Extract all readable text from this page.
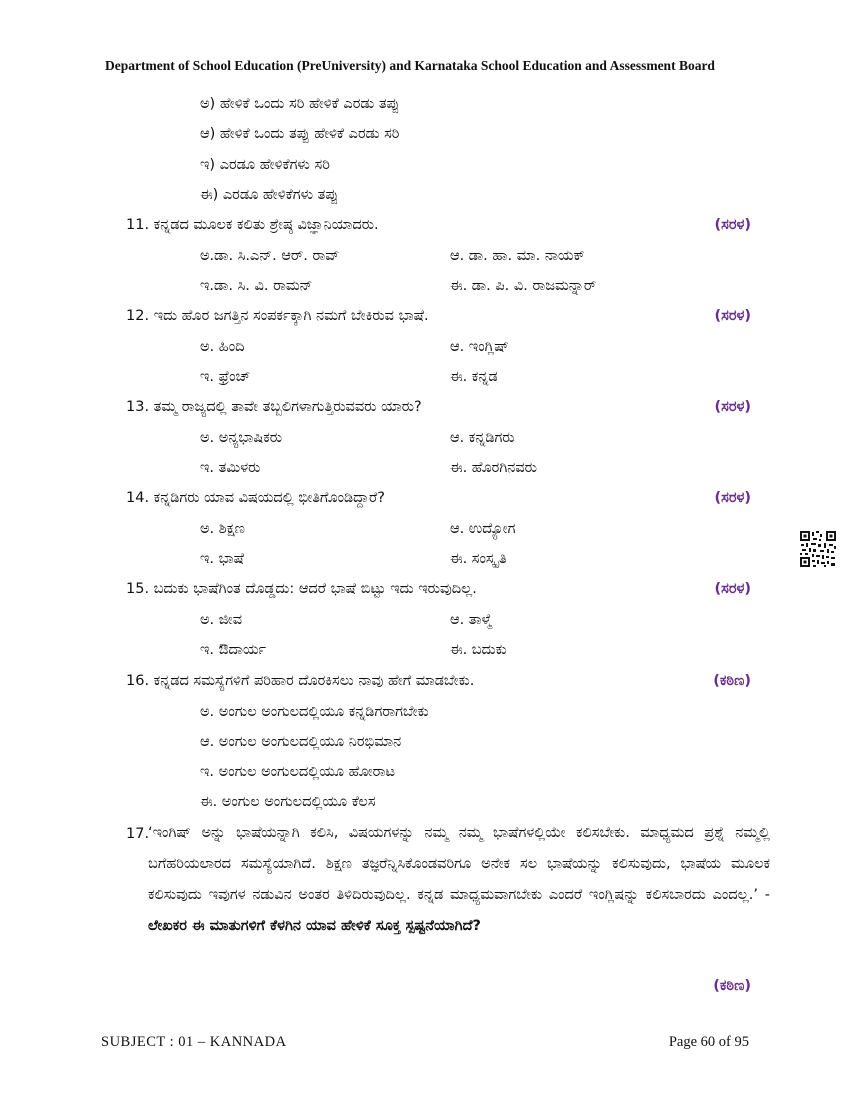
Department of School Education (PreUniversity) and Karnataka School Education and Assessment Board
ಅ) ಹೇಳಿಕೆ ಒಂದು ಸರಿ ಹೇಳಿಕೆ ಎರಡು ತಪ್ಪು
ಆ) ಹೇಳಿಕೆ ಒಂದು ತಪ್ಪು ಹೇಳಿಕೆ ಎರಡು ಸರಿ
ಇ) ಎರಡೂ ಹೇಳಿಕೆಗಳು ಸರಿ
ಈ) ಎರಡೂ ಹೇಳಿಕೆಗಳು ತಪ್ಪು
11. ಕನ್ನಡದ ಮೂಲಕ ಕಲಿತು ಶ್ರೇಷ್ಠ ವಿಜ್ಞಾನಿಯಾದರು.	(ಸರಳ)
ಅ.ಡಾ. ಸಿ.ಎನ್. ಆರ್. ರಾವ್	ಆ. ಡಾ. ಹಾ. ಮಾ. ನಾಯಕ್
ಇ.ಡಾ. ಸಿ. ವಿ. ರಾಮನ್	ಈ. ಡಾ. ಪಿ. ವಿ. ರಾಜಮನ್ನಾರ್
12. ಇದು ಹೊರ ಜಗತ್ತಿನ ಸಂಪರ್ಕಕ್ಕಾಗಿ ನಮಗೆ ಬೇಕಿರುವ ಭಾಷೆ.	(ಸರಳ)
ಅ. ಹಿಂದಿ	ಆ. ಇಂಗ್ಲಿಷ್
ಇ. ಫ್ರೆಂಚ್	ಈ. ಕನ್ನಡ
13. ತಮ್ಮ ರಾಜ್ಯದಲ್ಲಿ ತಾವೇ ತಬ್ಬಲಿಗಳಾಗುತ್ತಿರುವವರು ಯಾರು?	(ಸರಳ)
ಅ. ಅನ್ಯಭಾಷಿಕರು	ಆ. ಕನ್ನಡಿಗರು
ಇ. ತಮಿಳರು	ಈ. ಹೊರಗಿನವರು
14. ಕನ್ನಡಿಗರು ಯಾವ ವಿಷಯದಲ್ಲಿ ಭೀತಿಗೊಂಡಿದ್ದಾರೆ?	(ಸರಳ)
ಅ. ಶಿಕ್ಷಣ	ಆ. ಉದ್ಯೋಗ
ಇ. ಭಾಷೆ	ಈ. ಸಂಸ್ಕೃತಿ
15. ಬದುಕು ಭಾಷೆಗಿಂತ ದೊಡ್ಡದು: ಆದರೆ ಭಾಷೆ ಬಿಟ್ಟು ಇದು ಇರುವುದಿಲ್ಲ.	(ಸರಳ)
ಅ. ಜೀವ	ಆ. ತಾಳ್ಮೆ
ಇ. ಔದಾರ್ಯ	ಈ. ಬದುಕು
16. ಕನ್ನಡದ ಸಮಸ್ಯೆಗಳಿಗೆ ಪರಿಹಾರ ದೊರಕಿಸಲು ನಾವು ಹೇಗೆ ಮಾಡಬೇಕು.	(ಕಠಿಣ)
ಅ. ಅಂಗುಲ ಅಂಗುಲದಲ್ಲಿಯೂ ಕನ್ನಡಿಗರಾಗಬೇಕು
ಆ. ಅಂಗುಲ ಅಂಗುಲದಲ್ಲಿಯೂ ನಿರಭಿಮಾನ
ಇ. ಅಂಗುಲ ಅಂಗುಲದಲ್ಲಿಯೂ ಹೋರಾಟ
ಈ. ಅಂಗುಲ ಅಂಗುಲದಲ್ಲಿಯೂ ಕೆಲಸ
17.
‘ಇಂಗಿಷ್ ಅನ್ನು ಭಾಷೆಯನ್ನಾಗಿ ಕಲಿಸಿ, ವಿಷಯಗಳನ್ನು ನಮ್ಮ ನಮ್ಮ ಭಾಷೆಗಳಲ್ಲಿಯೇ ಕಲಿಸಬೇಕು. ಮಾಧ್ಯಮದ ಪ್ರಶ್ನೆ ನಮ್ಮಲ್ಲಿ ಬಗೆಹರಿಯಲಾರದ ಸಮಸ್ಯೆಯಾಗಿದೆ. ಶಿಕ್ಷಣ ತಜ್ಞರೆನ್ನಿಸಿಕೊಂಡವರಿಗೂ ಅನೇಕ ಸಲ ಭಾಷೆಯನ್ನು ಕಲಿಸುವುದು, ಭಾಷೆಯ ಮೂಲಕ ಕಲಿಸುವುದು ಇವುಗಳ ನಡುವಿನ ಅಂತರ ತಿಳಿದಿರುವುದಿಲ್ಲ. ಕನ್ನಡ ಮಾಧ್ಯಮವಾಗಬೇಕು ಎಂದರೆ ಇಂಗ್ಲಿಷನ್ನು ಕಲಿಸಬಾರದು ಎಂದಲ್ಲ.’ - ಲೇಖಕರ ಈ ಮಾತುಗಳಿಗೆ ಕೆಳಗಿನ ಯಾವ ಹೇಳಿಕೆ ಸೂಕ್ತ ಸ್ಪಷ್ಟನೆಯಾಗಿದೆ?
(ಕಠಿಣ)
SUBJECT : 01 – KANNADA	Page 60 of 95
